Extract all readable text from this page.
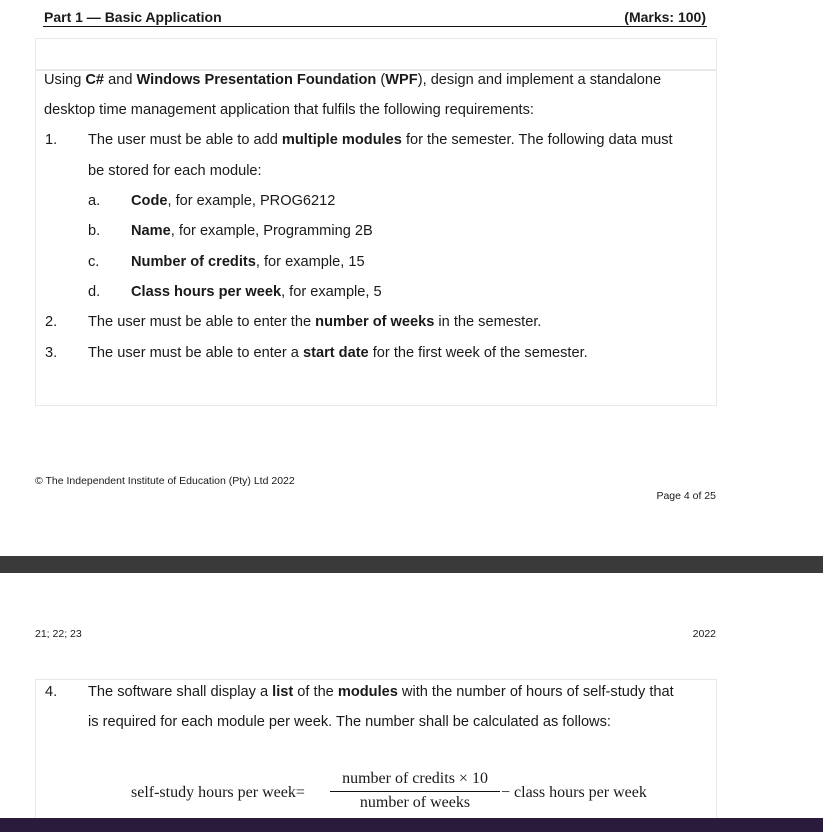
Part 1 — Basic Application	(Marks: 100)
Using C# and Windows Presentation Foundation (WPF), design and implement a standalone
desktop time management application that fulfils the following requirements:
1. The user must be able to add multiple modules for the semester. The following data must
be stored for each module:
a. Code, for example, PROG6212
b. Name, for example, Programming 2B
c. Number of credits, for example, 15
d. Class hours per week, for example, 5
2. The user must be able to enter the number of weeks in the semester.
3. The user must be able to enter a start date for the first week of the semester.
© The Independent Institute of Education (Pty) Ltd 2022
Page 4 of 25
21; 22; 23	2022
4. The software shall display a list of the modules with the number of hours of self-study that
is required for each module per week. The number shall be calculated as follows:
self-study hours per week=
number of credits × 10
number of weeks
− class hours per week
